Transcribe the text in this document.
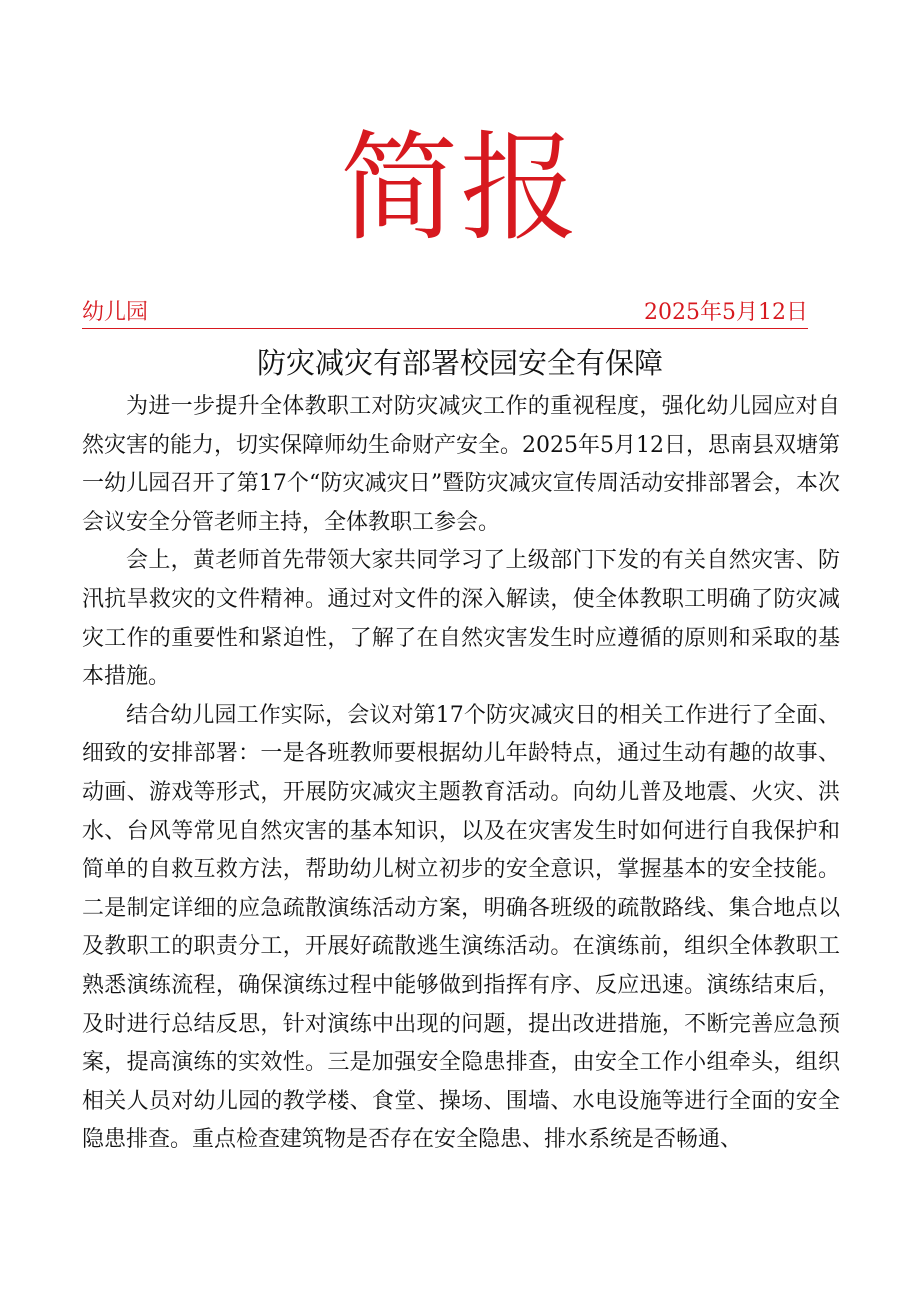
简报
幼儿园	2025年5月12日
防灾减灾有部署校园安全有保障

为进一步提升全体教职工对防灾减灾工作的重视程度，强化幼儿园应对自然灾害的能力，切实保障师幼生命财产安全。2025年5月12日，思南县双塘第一幼儿园召开了第17个“防灾减灾日”暨防灾减灾宣传周活动安排部署会，本次会议安全分管老师主持，全体教职工参会。

会上，黄老师首先带领大家共同学习了上级部门下发的有关自然灾害、防汛抗旱救灾的文件精神。通过对文件的深入解读，使全体教职工明确了防灾减灾工作的重要性和紧迫性，了解了在自然灾害发生时应遵循的原则和采取的基本措施。

结合幼儿园工作实际，会议对第17个防灾减灾日的相关工作进行了全面、细致的安排部署：一是各班教师要根据幼儿年龄特点，通过生动有趣的故事、动画、游戏等形式，开展防灾减灾主题教育活动。向幼儿普及地震、火灾、洪水、台风等常见自然灾害的基本知识，以及在灾害发生时如何进行自我保护和简单的自救互救方法，帮助幼儿树立初步的安全意识，掌握基本的安全技能。二是制定详细的应急疏散演练活动方案，明确各班级的疏散路线、集合地点以及教职工的职责分工，开展好疏散逃生演练活动。在演练前，组织全体教职工熟悉演练流程，确保演练过程中能够做到指挥有序、反应迅速。演练结束后，及时进行总结反思，针对演练中出现的问题，提出改进措施，不断完善应急预案，提高演练的实效性。三是加强安全隐患排查，由安全工作小组牵头，组织相关人员对幼儿园的教学楼、食堂、操场、围墙、水电设施等进行全面的安全隐患排查。重点检查建筑物是否存在安全隐患、排水系统是否畅通、
